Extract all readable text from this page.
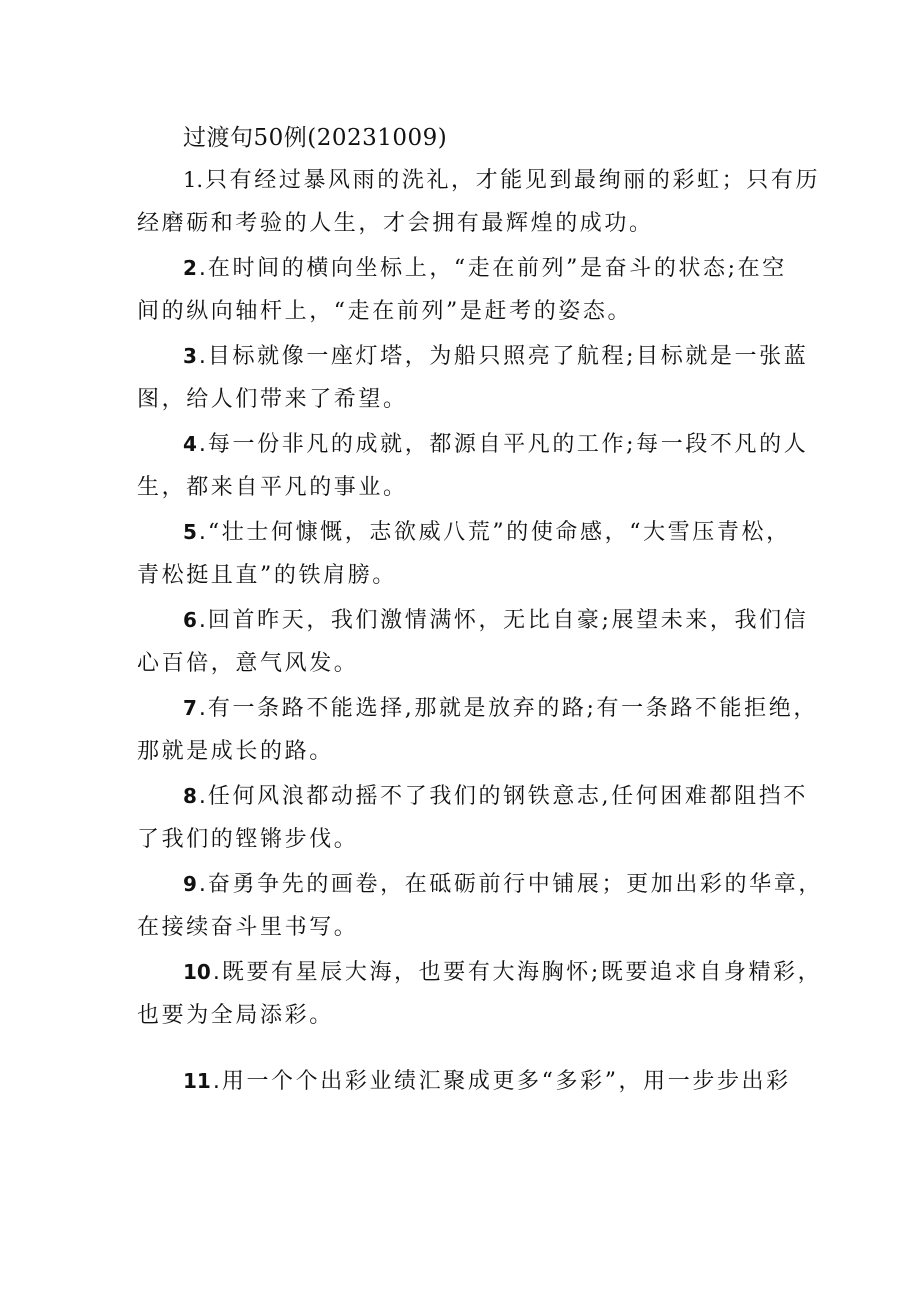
过渡句50例(20231009)
1.只有经过暴风雨的洗礼，才能见到最绚丽的彩虹；只有历
经磨砺和考验的人生，才会拥有最辉煌的成功。
2.在时间的横向坐标上，“走在前列”是奋斗的状态;在空
间的纵向轴杆上，“走在前列”是赶考的姿态。
3.目标就像一座灯塔，为船只照亮了航程;目标就是一张蓝
图，给人们带来了希望。
4.每一份非凡的成就，都源自平凡的工作;每一段不凡的人
生，都来自平凡的事业。
5.“壮士何慷慨，志欲威八荒”的使命感，“大雪压青松，
青松挺且直”的铁肩膀。
6.回首昨天，我们激情满怀，无比自豪;展望未来，我们信
心百倍，意气风发。
7.有一条路不能选择,那就是放弃的路;有一条路不能拒绝，
那就是成长的路。
8.任何风浪都动摇不了我们的钢铁意志,任何困难都阻挡不
了我们的铿锵步伐。
9.奋勇争先的画卷，在砥砺前行中铺展；更加出彩的华章，
在接续奋斗里书写。
10.既要有星辰大海，也要有大海胸怀;既要追求自身精彩，
也要为全局添彩。
11.用一个个出彩业绩汇聚成更多“多彩”，用一步步出彩
